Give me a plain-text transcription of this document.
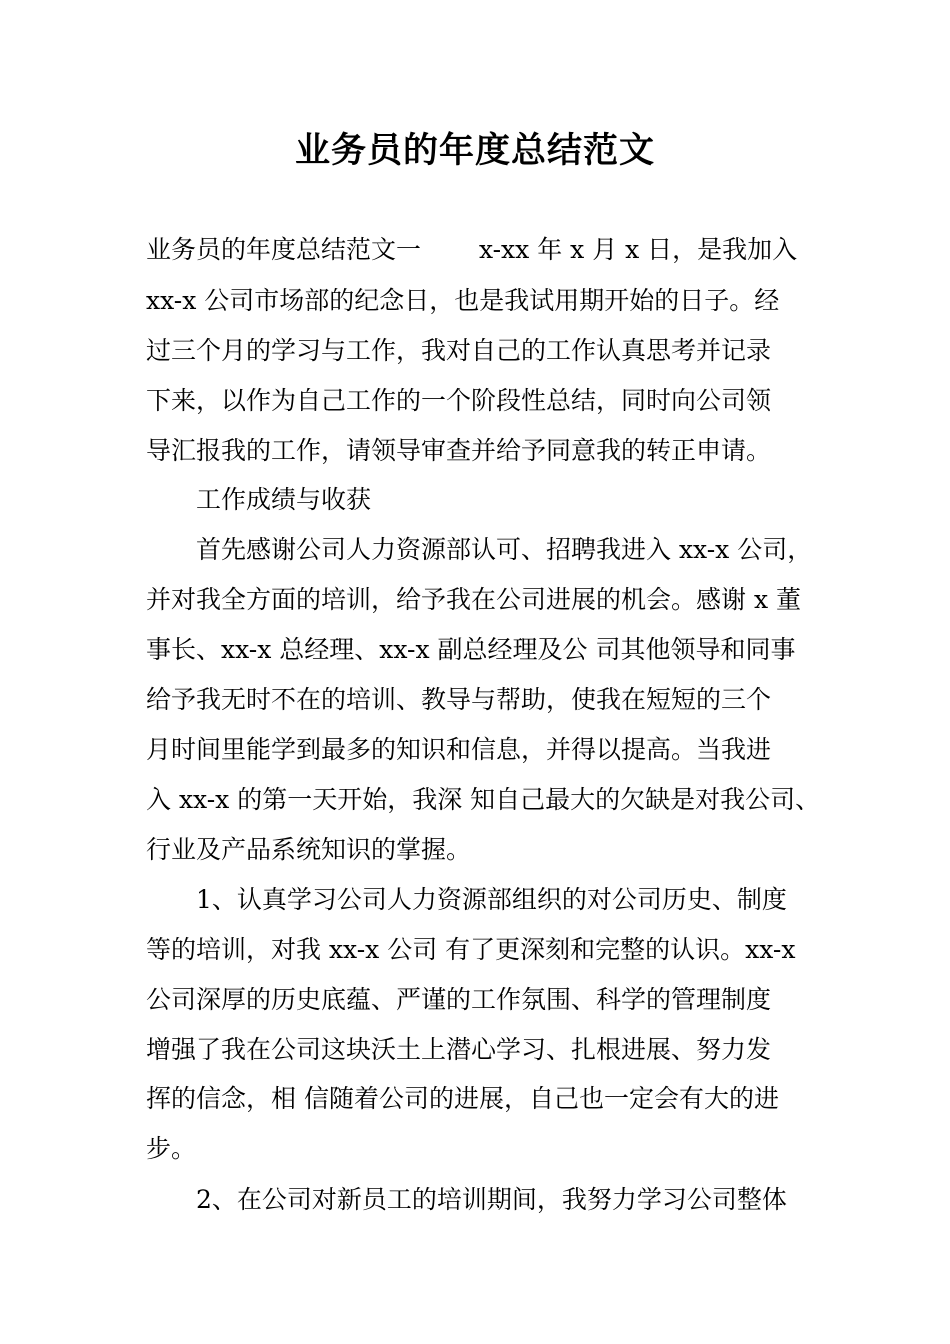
业务员的年度总结范文
业务员的年度总结范文一　　 x-xx 年 x 月 x 日，是我加入
xx-x 公司市场部的纪念日，也是我试用期开始的日子。经
过三个月的学习与工作，我对自己的工作认真思考并记录
下来，以作为自己工作的一个阶段性总结，同时向公司领
导汇报我的工作，请领导审查并给予同意我的转正申请。
工作成绩与收获
首先感谢公司人力资源部认可、招聘我进入 xx-x 公司，
并对我全方面的培训，给予我在公司进展的机会。感谢 x 董
事长、xx-x 总经理、xx-x 副总经理及公 司其他领导和同事
给予我无时不在的培训、教导与帮助，使我在短短的三个
月时间里能学到最多的知识和信息，并得以提高。当我进
入 xx-x 的第一天开始，我深 知自己最大的欠缺是对我公司、
行业及产品系统知识的掌握。
1、认真学习公司人力资源部组织的对公司历史、制度
等的培训，对我 xx-x 公司 有了更深刻和完整的认识。xx-x
公司深厚的历史底蕴、严谨的工作氛围、科学的管理制度
增强了我在公司这块沃土上潜心学习、扎根进展、努力发
挥的信念，相 信随着公司的进展，自己也一定会有大的进
步。
2、在公司对新员工的培训期间，我努力学习公司整体
